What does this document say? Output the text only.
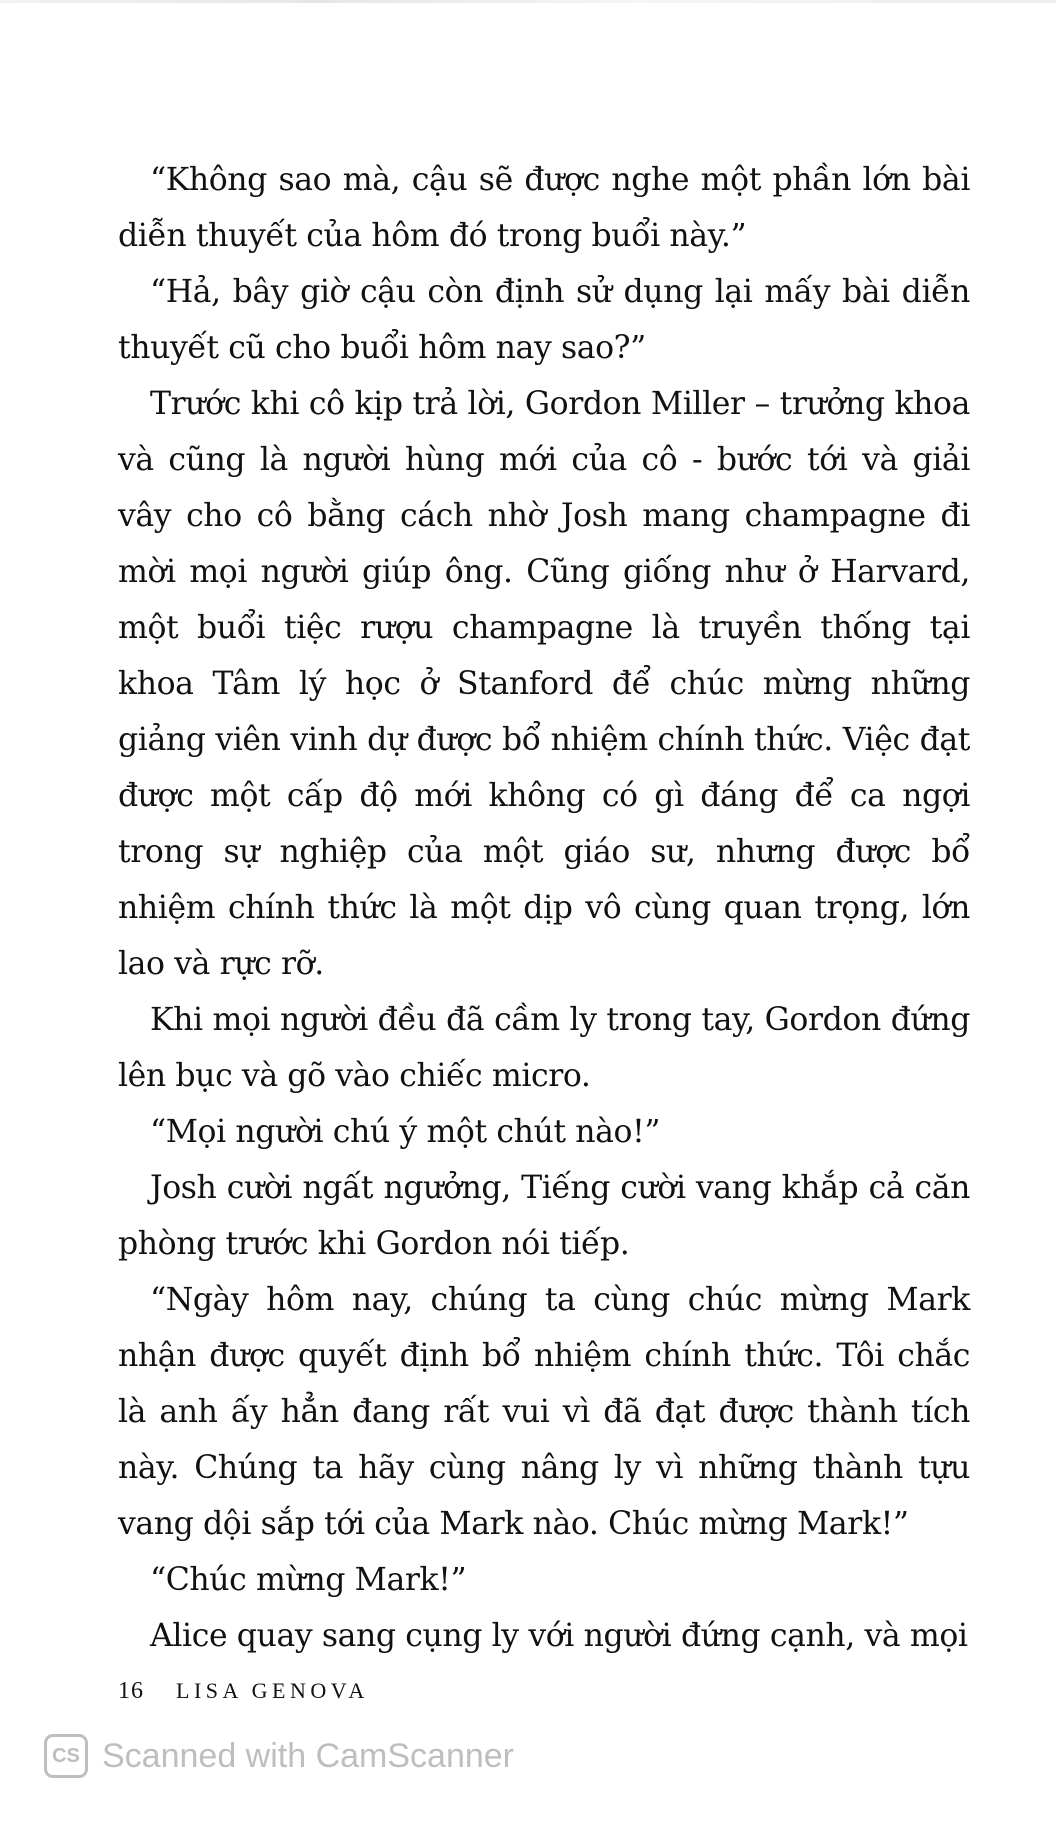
“Không sao mà, cậu sẽ được nghe một phần lớn bài diễn thuyết của hôm đó trong buổi này.”

“Hả, bây giờ cậu còn định sử dụng lại mấy bài diễn thuyết cũ cho buổi hôm nay sao?”

Trước khi cô kịp trả lời, Gordon Miller – trưởng khoa và cũng là người hùng mới của cô - bước tới và giải vây cho cô bằng cách nhờ Josh mang champagne đi mời mọi người giúp ông. Cũng giống như ở Harvard, một buổi tiệc rượu champagne là truyền thống tại khoa Tâm lý học ở Stanford để chúc mừng những giảng viên vinh dự được bổ nhiệm chính thức. Việc đạt được một cấp độ mới không có gì đáng để ca ngợi trong sự nghiệp của một giáo sư, nhưng được bổ nhiệm chính thức là một dịp vô cùng quan trọng, lớn lao và rực rỡ.

Khi mọi người đều đã cầm ly trong tay, Gordon đứng lên bục và gõ vào chiếc micro.

“Mọi người chú ý một chút nào!”

Josh cười ngất ngưởng, Tiếng cười vang khắp cả căn phòng trước khi Gordon nói tiếp.

“Ngày hôm nay, chúng ta cùng chúc mừng Mark nhận được quyết định bổ nhiệm chính thức. Tôi chắc là anh ấy hẳn đang rất vui vì đã đạt được thành tích này. Chúng ta hãy cùng nâng ly vì những thành tựu vang dội sắp tới của Mark nào. Chúc mừng Mark!”

“Chúc mừng Mark!”

Alice quay sang cụng ly với người đứng cạnh, và mọi

16 LISA GENOVA
CS Scanned with CamScanner
